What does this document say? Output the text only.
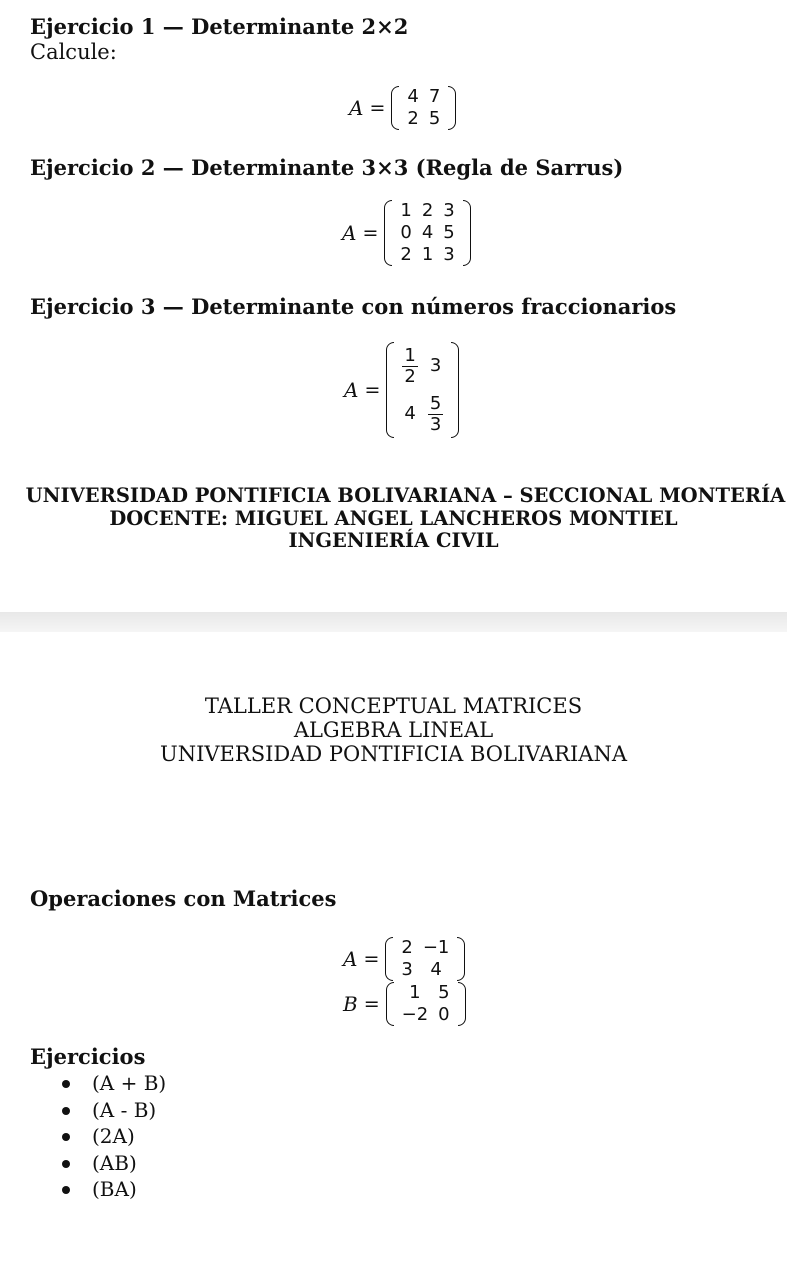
Ejercicio 1 — Determinante 2×2
Calcule:
A =
4 7
2 5
Ejercicio 2 — Determinante 3×3 (Regla de Sarrus)
A =
1 2 3
0 4 5
2 1 3
Ejercicio 3 — Determinante con números fraccionarios
A =
$\frac{1}{2} 3$
$4 \frac{5}{3}$
UNIVERSIDAD PONTIFICIA BOLIVARIANA – SECCIONAL MONTERÍA
DOCENTE: MIGUEL ANGEL LANCHEROS MONTIEL
INGENIERÍA CIVIL
TALLER CONCEPTUAL MATRICES
ALGEBRA LINEAL
UNIVERSIDAD PONTIFICIA BOLIVARIANA
Operaciones con Matrices
A =
2 −1
3 4
B =
1 5
−2 0
Ejercicios
(A + B)
(A - B)
(2A)
(AB)
(BA)
